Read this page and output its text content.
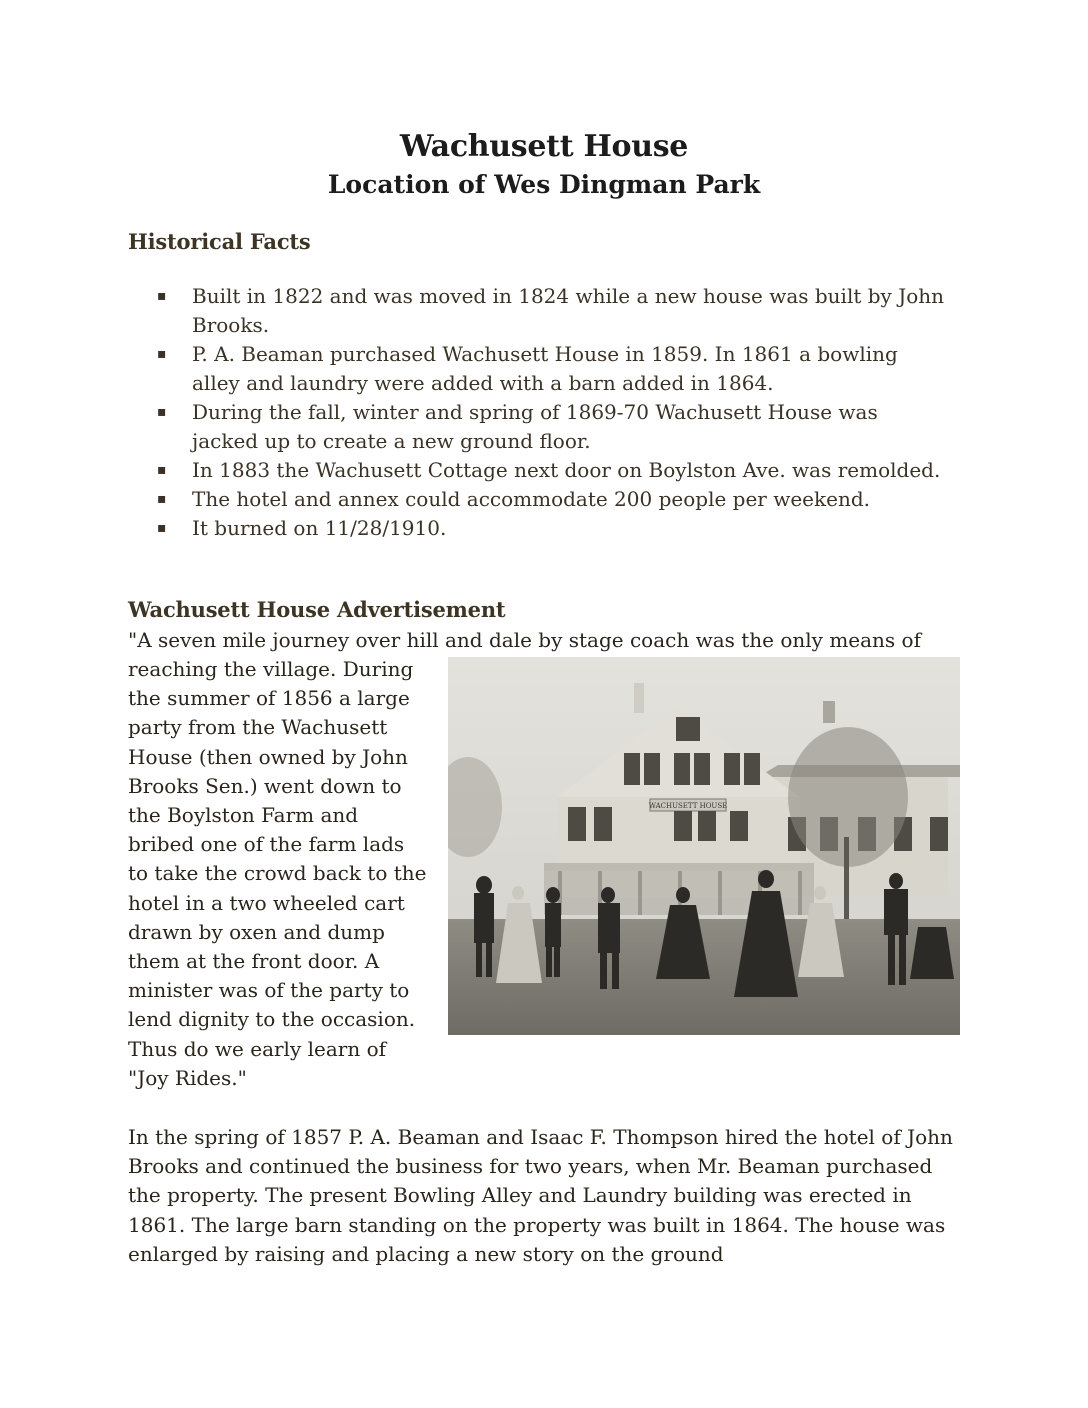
Wachusett House
Location of Wes Dingman Park
Historical Facts
▪ Built in 1822 and was moved in 1824 while a new house was built by John Brooks.
▪ P. A. Beaman purchased Wachusett House in 1859. In 1861 a bowling alley and laundry were added with a barn added in 1864.
▪ During the fall, winter and spring of 1869-70 Wachusett House was jacked up to create a new ground floor.
▪ In 1883 the Wachusett Cottage next door on Boylston Ave. was remolded.
▪ The hotel and annex could accommodate 200 people per weekend.
▪ It burned on 11/28/1910.
Wachusett House Advertisement
"A seven mile journey over hill and dale by stage coach was the only means of
reaching the village. During the summer of 1856 a large party from the Wachusett House (then owned by John Brooks Sen.) went down to the Boylston Farm and bribed one of the farm lads to take the crowd back to the hotel in a two wheeled cart drawn by oxen and dump them at the front door. A minister was of the party to lend dignity to the occasion. Thus do we early learn of "Joy Rides."
WACHUSETT HOUSE
In the spring of 1857 P. A. Beaman and Isaac F. Thompson hired the hotel of John Brooks and continued the business for two years, when Mr. Beaman purchased the property. The present Bowling Alley and Laundry building was erected in 1861. The large barn standing on the property was built in 1864. The house was enlarged by raising and placing a new story on the ground
